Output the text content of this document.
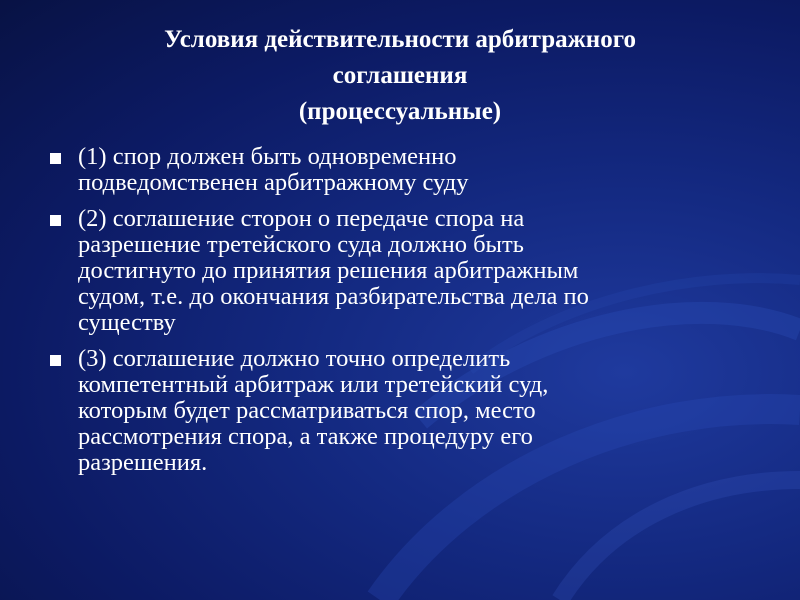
Условия действительности арбитражного
соглашения
(процессуальные)
(1) спор должен быть одновременно
подведомственен арбитражному суду
(2) соглашение сторон о передаче спора на
разрешение третейского суда должно быть
достигнуто до принятия решения арбитражным
судом, т.е. до окончания разбирательства дела по
существу
(3) соглашение должно точно определить
компетентный арбитраж или третейский суд,
которым будет рассматриваться спор, место
рассмотрения спора, а также процедуру его
разрешения.
